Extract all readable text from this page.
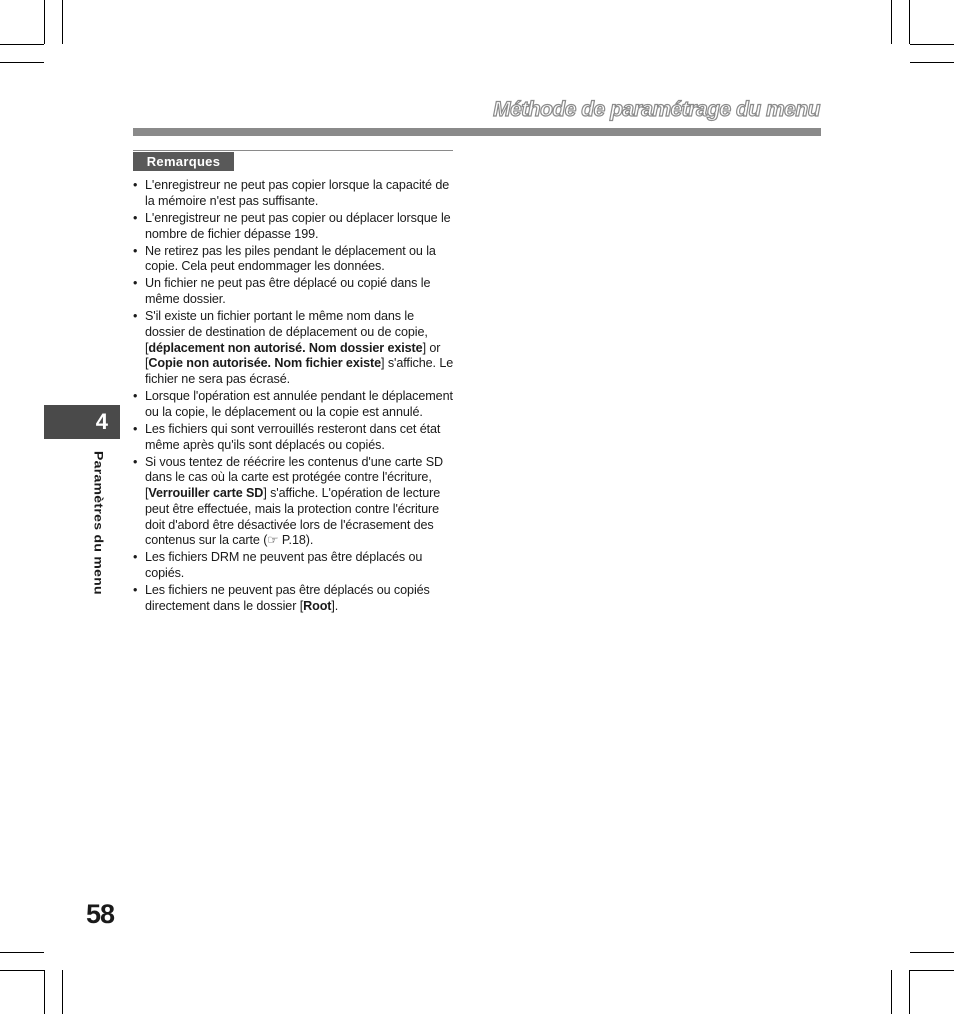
Méthode de paramétrage du menu
Remarques
• L'enregistreur ne peut pas copier lorsque la capacité de la mémoire n'est pas suffisante.
• L'enregistreur ne peut pas copier ou déplacer lorsque le nombre de fichier dépasse 199.
• Ne retirez pas les piles pendant le déplacement ou la copie. Cela peut endommager les données.
• Un fichier ne peut pas être déplacé ou copié dans le même dossier.
• S'il existe un fichier portant le même nom dans le dossier de destination de déplacement ou de copie, [déplacement non autorisé. Nom dossier existe] or [Copie non autorisée. Nom fichier existe] s'affiche. Le fichier ne sera pas écrasé.
• Lorsque l'opération est annulée pendant le déplacement ou la copie, le déplacement ou la copie est annulé.
• Les fichiers qui sont verrouillés resteront dans cet état même après qu'ils sont déplacés ou copiés.
• Si vous tentez de réécrire les contenus d'une carte SD dans le cas où la carte est protégée contre l'écriture, [Verrouiller carte SD] s'affiche. L'opération de lecture peut être effectuée, mais la protection contre l'écriture doit d'abord être désactivée lors de l'écrasement des contenus sur la carte (☞ P.18).
• Les fichiers DRM ne peuvent pas être déplacés ou copiés.
• Les fichiers ne peuvent pas être déplacés ou copiés directement dans le dossier [Root].
4
Paramètres du menu
58
